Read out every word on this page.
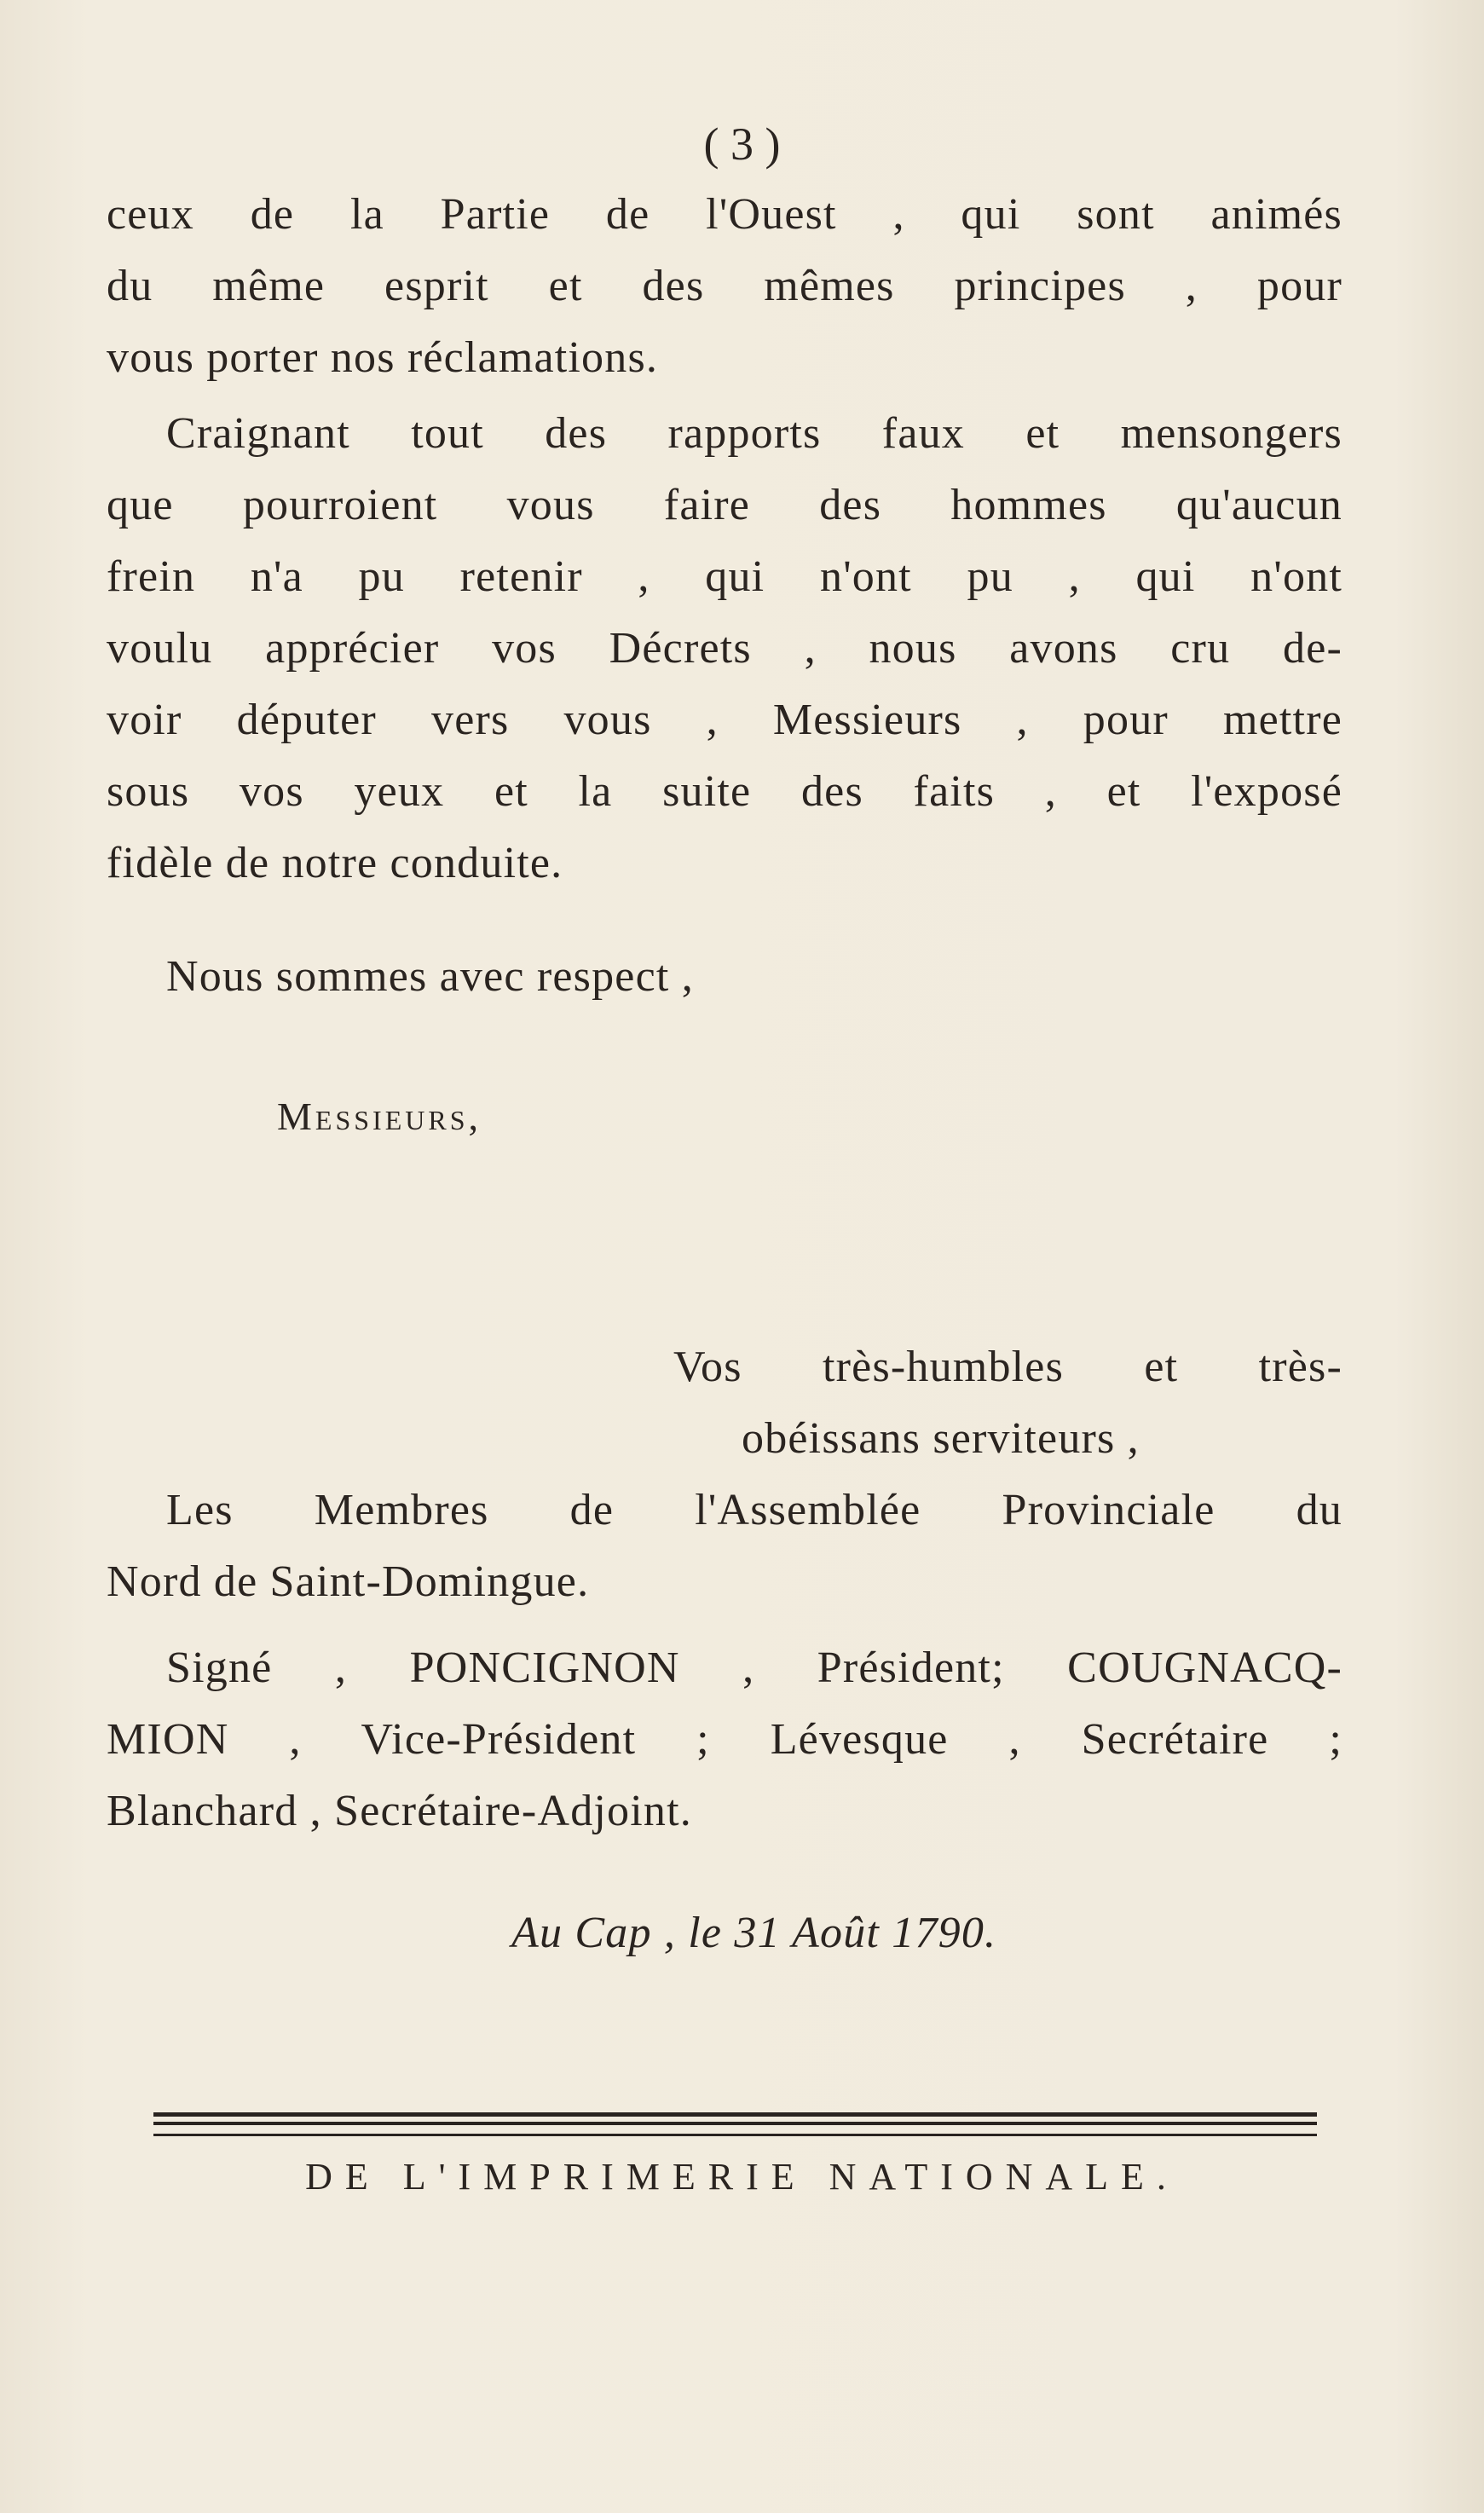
( 3 )
ceux de la Partie de l'Ouest , qui sont animés
du même esprit et des mêmes principes , pour
vous porter nos réclamations.
Craignant tout des rapports faux et mensongers
que pourroient vous faire des hommes qu'aucun
frein n'a pu retenir , qui n'ont pu , qui n'ont
voulu apprécier vos Décrets , nous avons cru de-
voir députer vers vous , Messieurs , pour mettre
sous vos yeux et la suite des faits , et l'exposé
fidèle de notre conduite.
Nous sommes avec respect ,
Messieurs,
Vos très-humbles et très-
obéissans serviteurs ,
Les Membres de l'Assemblée Provinciale du
Nord de Saint-Domingue.
Signé , PONCIGNON , Président; COUGNACQ-
MION , Vice-Président ; Lévesque , Secrétaire ;
Blanchard , Secrétaire-Adjoint.
Au Cap , le 31 Août 1790.
DE L'IMPRIMERIE NATIONALE.
